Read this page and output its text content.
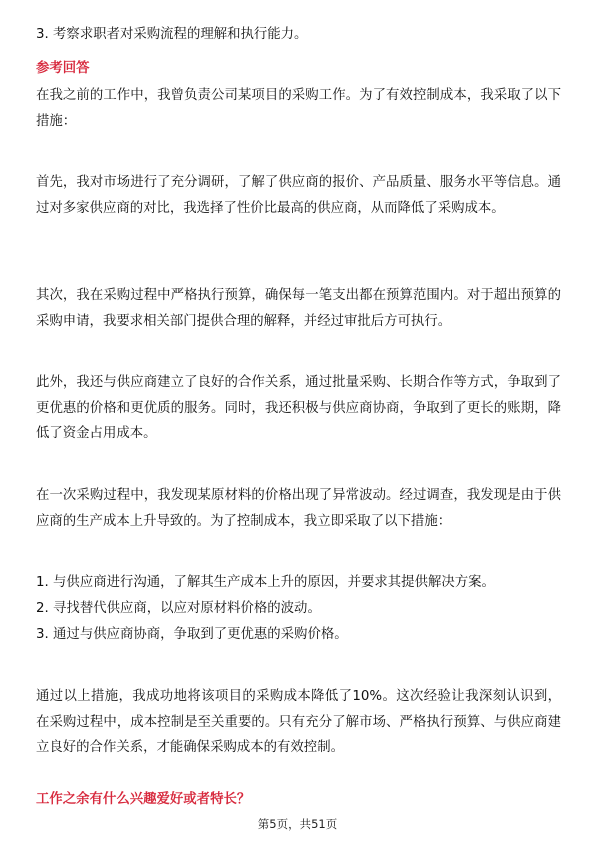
3. 考察求职者对采购流程的理解和执行能力。

参考回答

在我之前的工作中，我曾负责公司某项目的采购工作。为了有效控制成本，我采取了以下措施：

首先，我对市场进行了充分调研，了解了供应商的报价、产品质量、服务水平等信息。通过对多家供应商的对比，我选择了性价比最高的供应商，从而降低了采购成本。

其次，我在采购过程中严格执行预算，确保每一笔支出都在预算范围内。对于超出预算的采购申请，我要求相关部门提供合理的解释，并经过审批后方可执行。

此外，我还与供应商建立了良好的合作关系，通过批量采购、长期合作等方式，争取到了更优惠的价格和更优质的服务。同时，我还积极与供应商协商，争取到了更长的账期，降低了资金占用成本。

在一次采购过程中，我发现某原材料的价格出现了异常波动。经过调查，我发现是由于供应商的生产成本上升导致的。为了控制成本，我立即采取了以下措施：

1. 与供应商进行沟通，了解其生产成本上升的原因，并要求其提供解决方案。

2. 寻找替代供应商，以应对原材料价格的波动。

3. 通过与供应商协商，争取到了更优惠的采购价格。

通过以上措施，我成功地将该项目的采购成本降低了10%。这次经验让我深刻认识到，在采购过程中，成本控制是至关重要的。只有充分了解市场、严格执行预算、与供应商建立良好的合作关系，才能确保采购成本的有效控制。

工作之余有什么兴趣爱好或者特长？

第5页，共51页
